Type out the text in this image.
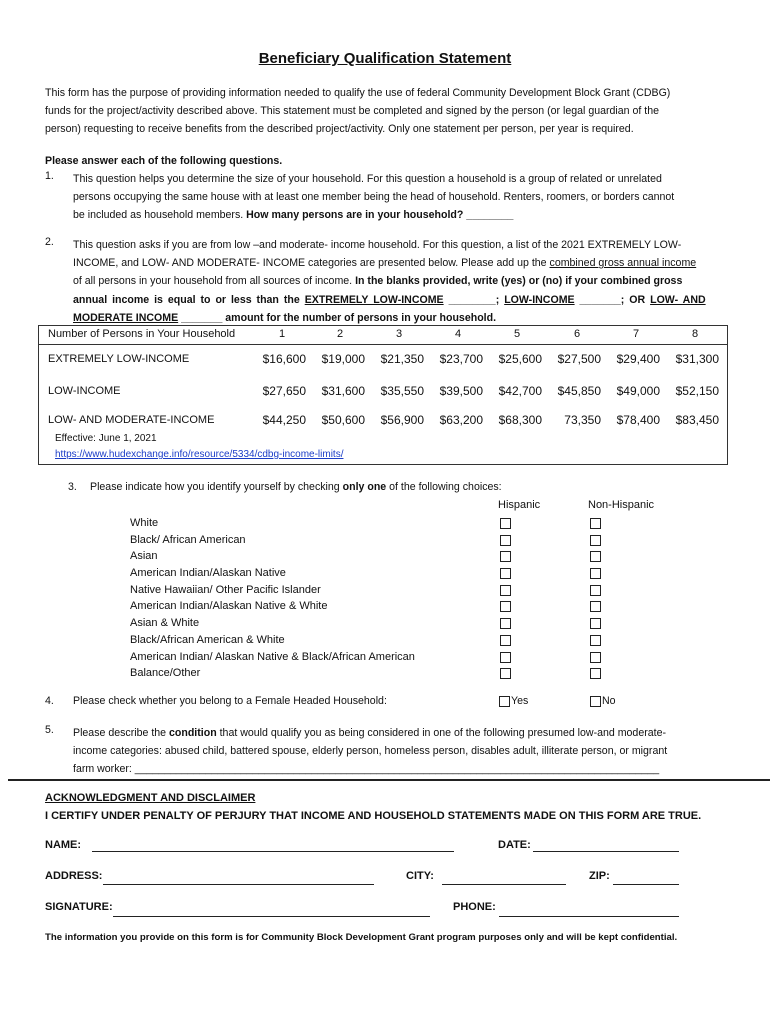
Beneficiary Qualification Statement
This form has the purpose of providing information needed to qualify the use of federal Community Development Block Grant (CDBG)
funds for the project/activity described above. This statement must be completed and signed by the person (or legal guardian of the
person) requesting to receive benefits from the described project/activity. Only one statement per person, per year is required.
Please answer each of the following questions.
1. This question helps you determine the size of your household. For this question a household is a group of related or unrelated
persons occupying the same house with at least one member being the head of household. Renters, roomers, or borders cannot
be included as household members. How many persons are in your household? ________
2. This question asks if you are from low –and moderate- income household. For this question, a list of the 2021 EXTREMELY LOW-
INCOME, and LOW- AND MODERATE- INCOME categories are presented below. Please add up the combined gross annual income
of all persons in your household from all sources of income. In the blanks provided, write (yes) or (no) if your combined gross
annual income is equal to or less than the EXTREMELY LOW-INCOME ________; LOW-INCOME _______; OR LOW- AND
MODERATE INCOME _______ amount for the number of persons in your household.
Number of Persons in Your Household	1	2	3	4	5	6	7	8
EXTREMELY LOW-INCOME	$16,600	$19,000	$21,350	$23,700	$25,600	$27,500	$29,400	$31,300
LOW-INCOME	$27,650	$31,600	$35,550	$39,500	$42,700	$45,850	$49,000	$52,150
LOW- AND MODERATE-INCOME	$44,250	$50,600	$56,900	$63,200	$68,300	73,350	$78,400	$83,450
Effective: June 1, 2021
https://www.hudexchange.info/resource/5334/cdbg-income-limits/
3. Please indicate how you identify yourself by checking only one of the following choices:
Hispanic	Non-Hispanic
White
Black/ African American
Asian
American Indian/Alaskan Native
Native Hawaiian/ Other Pacific Islander
American Indian/Alaskan Native & White
Asian & White
Black/African American & White
American Indian/ Alaskan Native & Black/African American
Balance/Other
4. Please check whether you belong to a Female Headed Household:	Yes	No
5. Please describe the condition that would qualify you as being considered in one of the following presumed low-and moderate-
income categories: abused child, battered spouse, elderly person, homeless person, disables adult, illiterate person, or migrant
farm worker: _________________________________________________________________________________________
ACKNOWLEDGMENT AND DISCLAIMER
I CERTIFY UNDER PENALTY OF PERJURY THAT INCOME AND HOUSEHOLD STATEMENTS MADE ON THIS FORM ARE TRUE.
NAME:	DATE:
ADDRESS:	CITY:	ZIP:
SIGNATURE:	PHONE:
The information you provide on this form is for Community Block Development Grant program purposes only and will be kept confidential.
